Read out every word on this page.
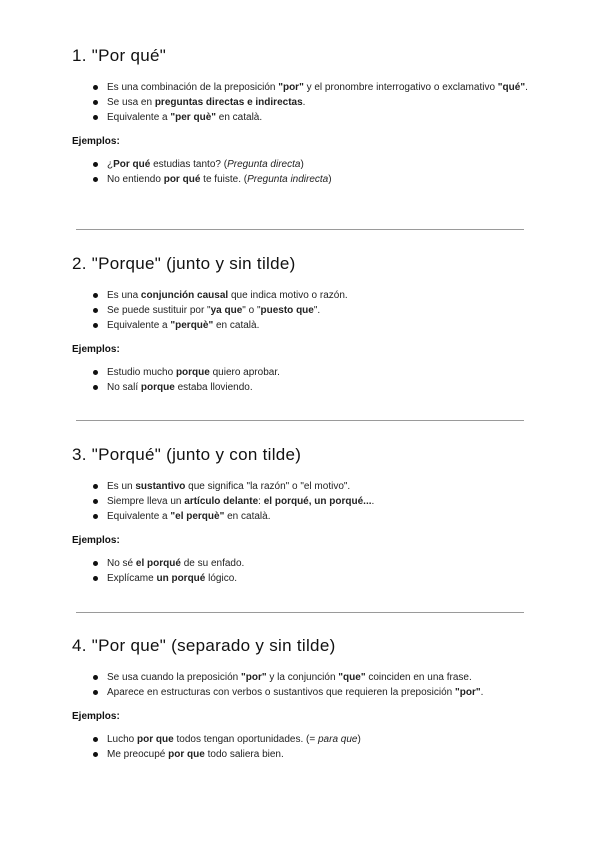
1. "Por qué"
Es una combinación de la preposición "por" y el pronombre interrogativo o exclamativo "qué".
Se usa en preguntas directas e indirectas.
Equivalente a "per què" en català.
Ejemplos:
¿Por qué estudias tanto? (Pregunta directa)
No entiendo por qué te fuiste. (Pregunta indirecta)
2. "Porque" (junto y sin tilde)
Es una conjunción causal que indica motivo o razón.
Se puede sustituir por "ya que" o "puesto que".
Equivalente a "perquè" en català.
Ejemplos:
Estudio mucho porque quiero aprobar.
No salí porque estaba lloviendo.
3. "Porqué" (junto y con tilde)
Es un sustantivo que significa "la razón" o "el motivo".
Siempre lleva un artículo delante: el porqué, un porqué....
Equivalente a "el perquè" en català.
Ejemplos:
No sé el porqué de su enfado.
Explícame un porqué lógico.
4. "Por que" (separado y sin tilde)
Se usa cuando la preposición "por" y la conjunción "que" coinciden en una frase.
Aparece en estructuras con verbos o sustantivos que requieren la preposición "por".
Ejemplos:
Lucho por que todos tengan oportunidades. (= para que)
Me preocupé por que todo saliera bien.
